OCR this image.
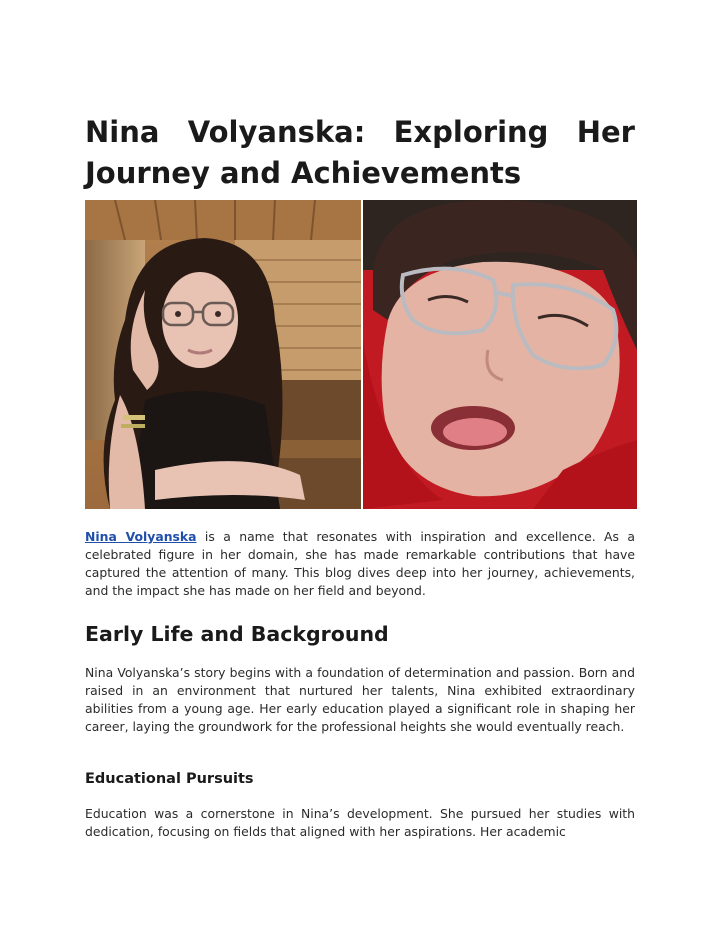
Nina Volyanska: Exploring Her
Journey and Achievements

Nina Volyanska is a name that resonates with inspiration and excellence. As a celebrated figure in her domain, she has made remarkable contributions that have captured the attention of many. This blog dives deep into her journey, achievements, and the impact she has made on her field and beyond.

Early Life and Background

Nina Volyanska’s story begins with a foundation of determination and passion. Born and raised in an environment that nurtured her talents, Nina exhibited extraordinary abilities from a young age. Her early education played a significant role in shaping her career, laying the groundwork for the professional heights she would eventually reach.

Educational Pursuits

Education was a cornerstone in Nina’s development. She pursued her studies with dedication, focusing on fields that aligned with her aspirations. Her academic
